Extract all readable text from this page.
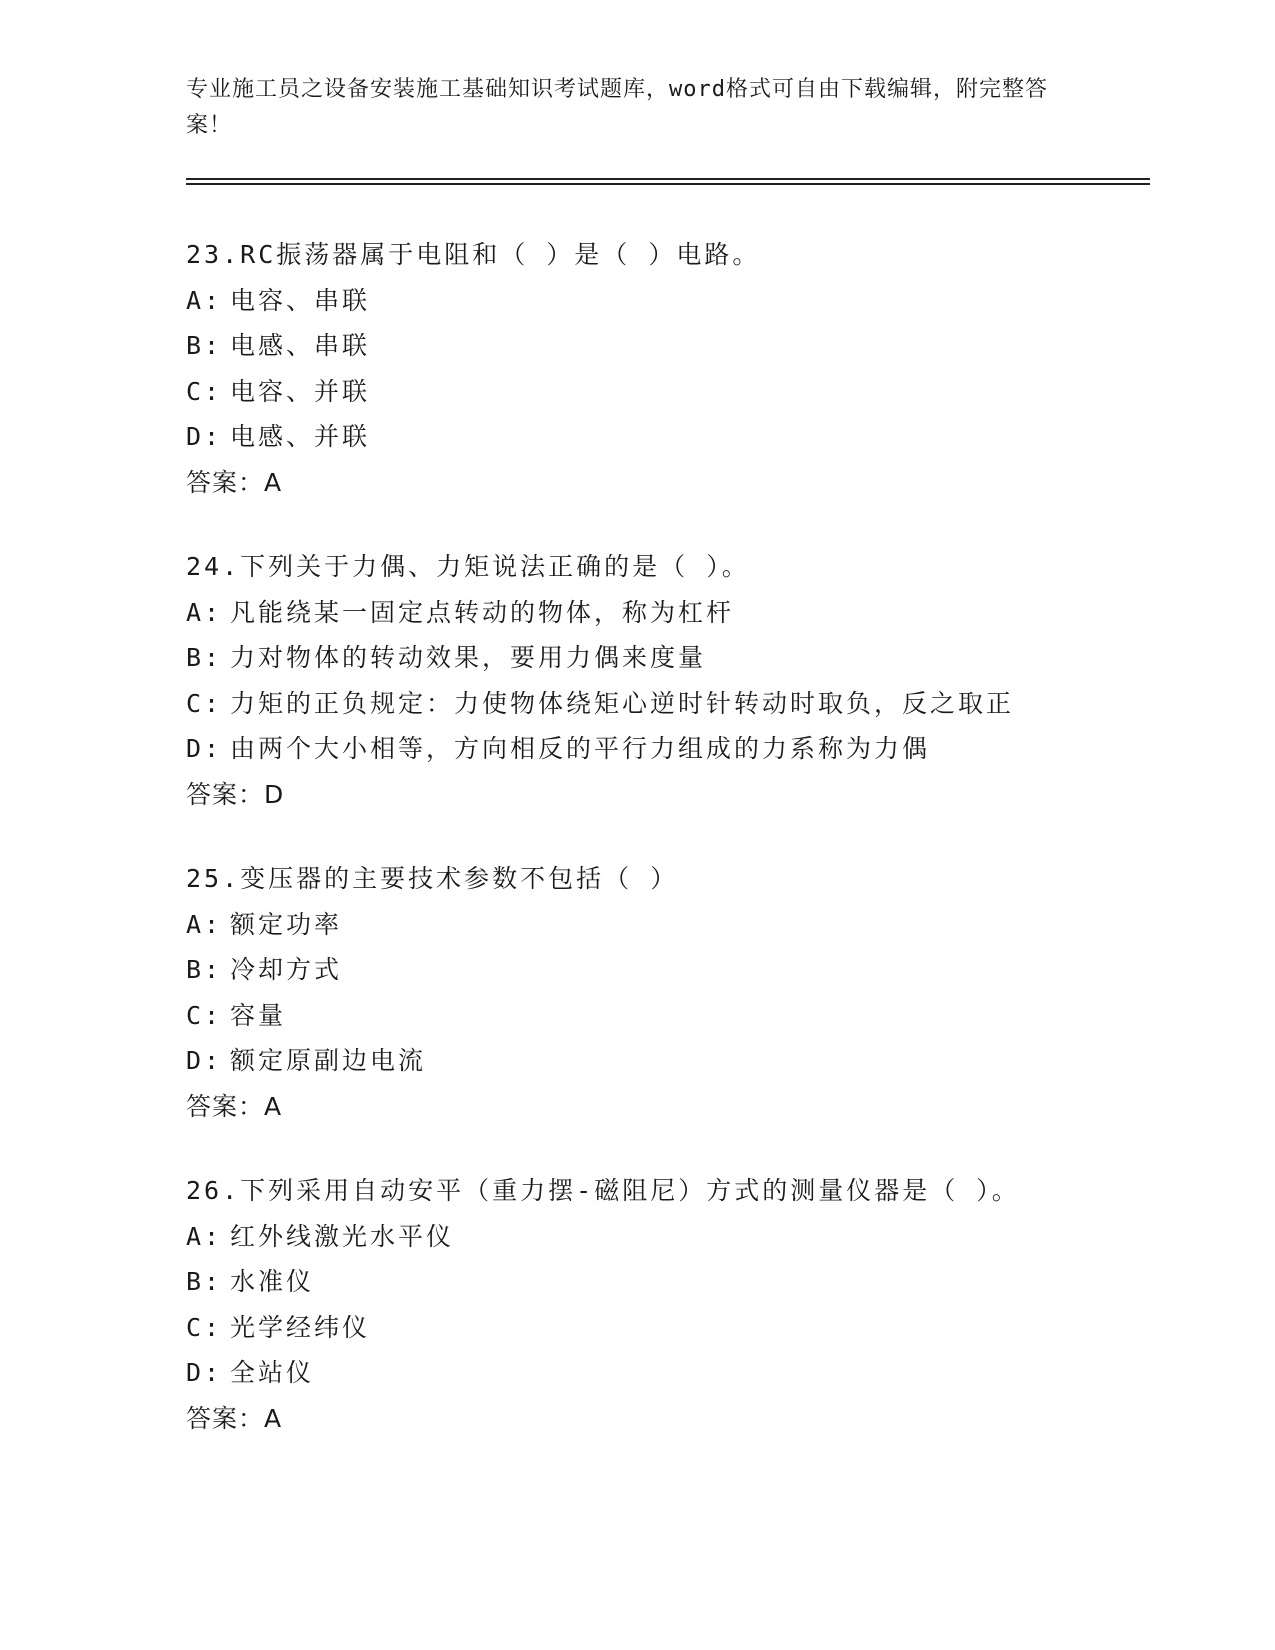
专业施工员之设备安装施工基础知识考试题库，word格式可自由下载编辑，附完整答案！
23.RC振荡器属于电阻和（ ）是（ ）电路。
A: 电容、串联
B: 电感、串联
C: 电容、并联
D: 电感、并联
答案：A
24.下列关于力偶、力矩说法正确的是（ ）。
A: 凡能绕某一固定点转动的物体，称为杠杆
B: 力对物体的转动效果，要用力偶来度量
C: 力矩的正负规定：力使物体绕矩心逆时针转动时取负，反之取正
D: 由两个大小相等，方向相反的平行力组成的力系称为力偶
答案：D
25.变压器的主要技术参数不包括（ ）
A: 额定功率
B: 冷却方式
C: 容量
D: 额定原副边电流
答案：A
26.下列采用自动安平（重力摆-磁阻尼）方式的测量仪器是（ ）。
A: 红外线激光水平仪
B: 水准仪
C: 光学经纬仪
D: 全站仪
答案：A
